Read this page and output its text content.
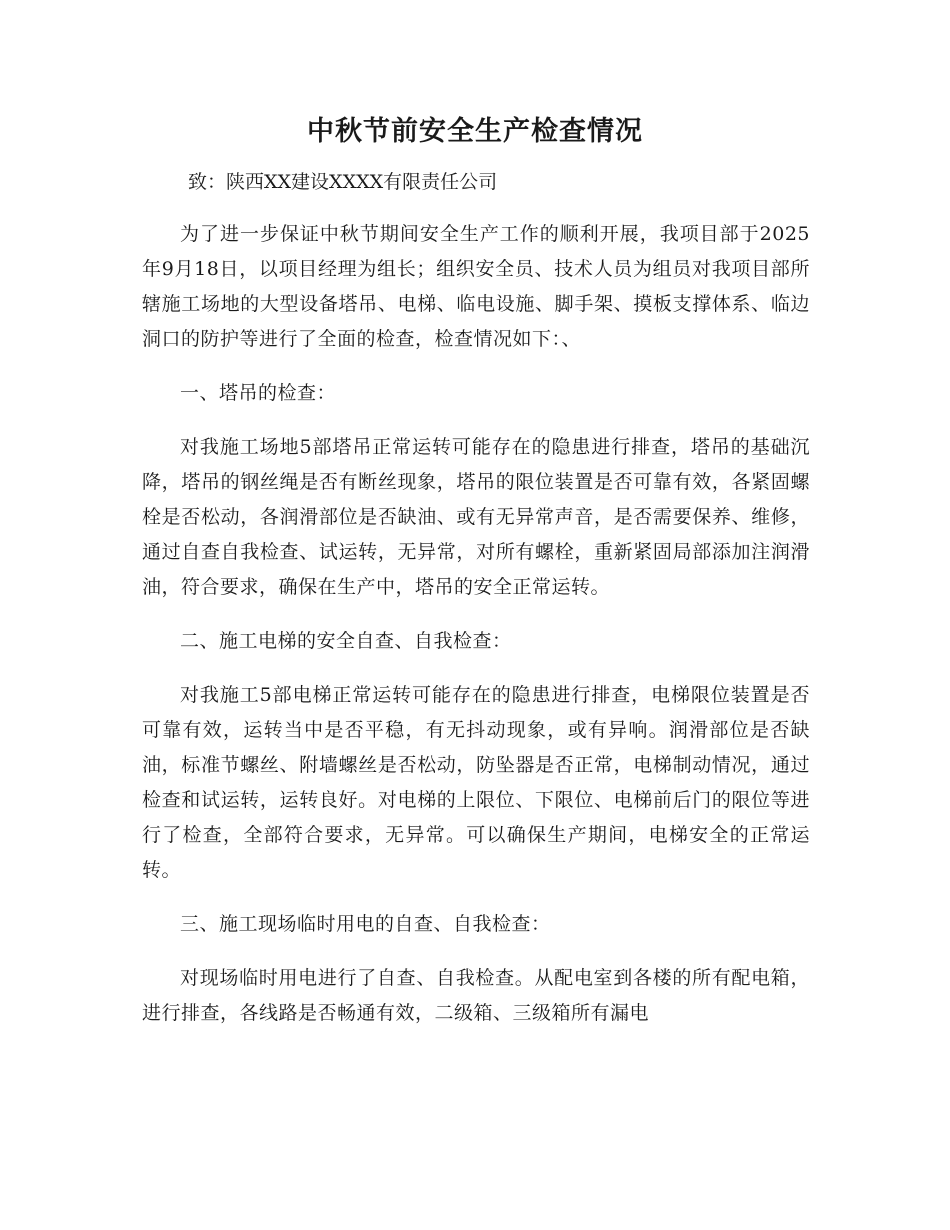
中秋节前安全生产检查情况

致：陕西XX建设XXXX有限责任公司

为了进一步保证中秋节期间安全生产工作的顺利开展，我项目部于2025年9月18日，以项目经理为组长；组织安全员、技术人员为组员对我项目部所辖施工场地的大型设备塔吊、电梯、临电设施、脚手架、摸板支撑体系、临边洞口的防护等进行了全面的检查，检查情况如下：、

一、塔吊的检查：

对我施工场地5部塔吊正常运转可能存在的隐患进行排查，塔吊的基础沉降，塔吊的钢丝绳是否有断丝现象，塔吊的限位装置是否可靠有效，各紧固螺栓是否松动，各润滑部位是否缺油、或有无异常声音，是否需要保养、维修，通过自查自我检查、试运转，无异常，对所有螺栓，重新紧固局部添加注润滑油，符合要求，确保在生产中，塔吊的安全正常运转。

二、施工电梯的安全自查、自我检查：

对我施工5部电梯正常运转可能存在的隐患进行排查，电梯限位装置是否可靠有效，运转当中是否平稳，有无抖动现象，或有异响。润滑部位是否缺油，标准节螺丝、附墙螺丝是否松动，防坠器是否正常，电梯制动情况，通过检查和试运转，运转良好。对电梯的上限位、下限位、电梯前后门的限位等进行了检查，全部符合要求，无异常。可以确保生产期间，电梯安全的正常运转。

三、施工现场临时用电的自查、自我检查：

对现场临时用电进行了自查、自我检查。从配电室到各楼的所有配电箱，进行排查，各线路是否畅通有效，二级箱、三级箱所有漏电
